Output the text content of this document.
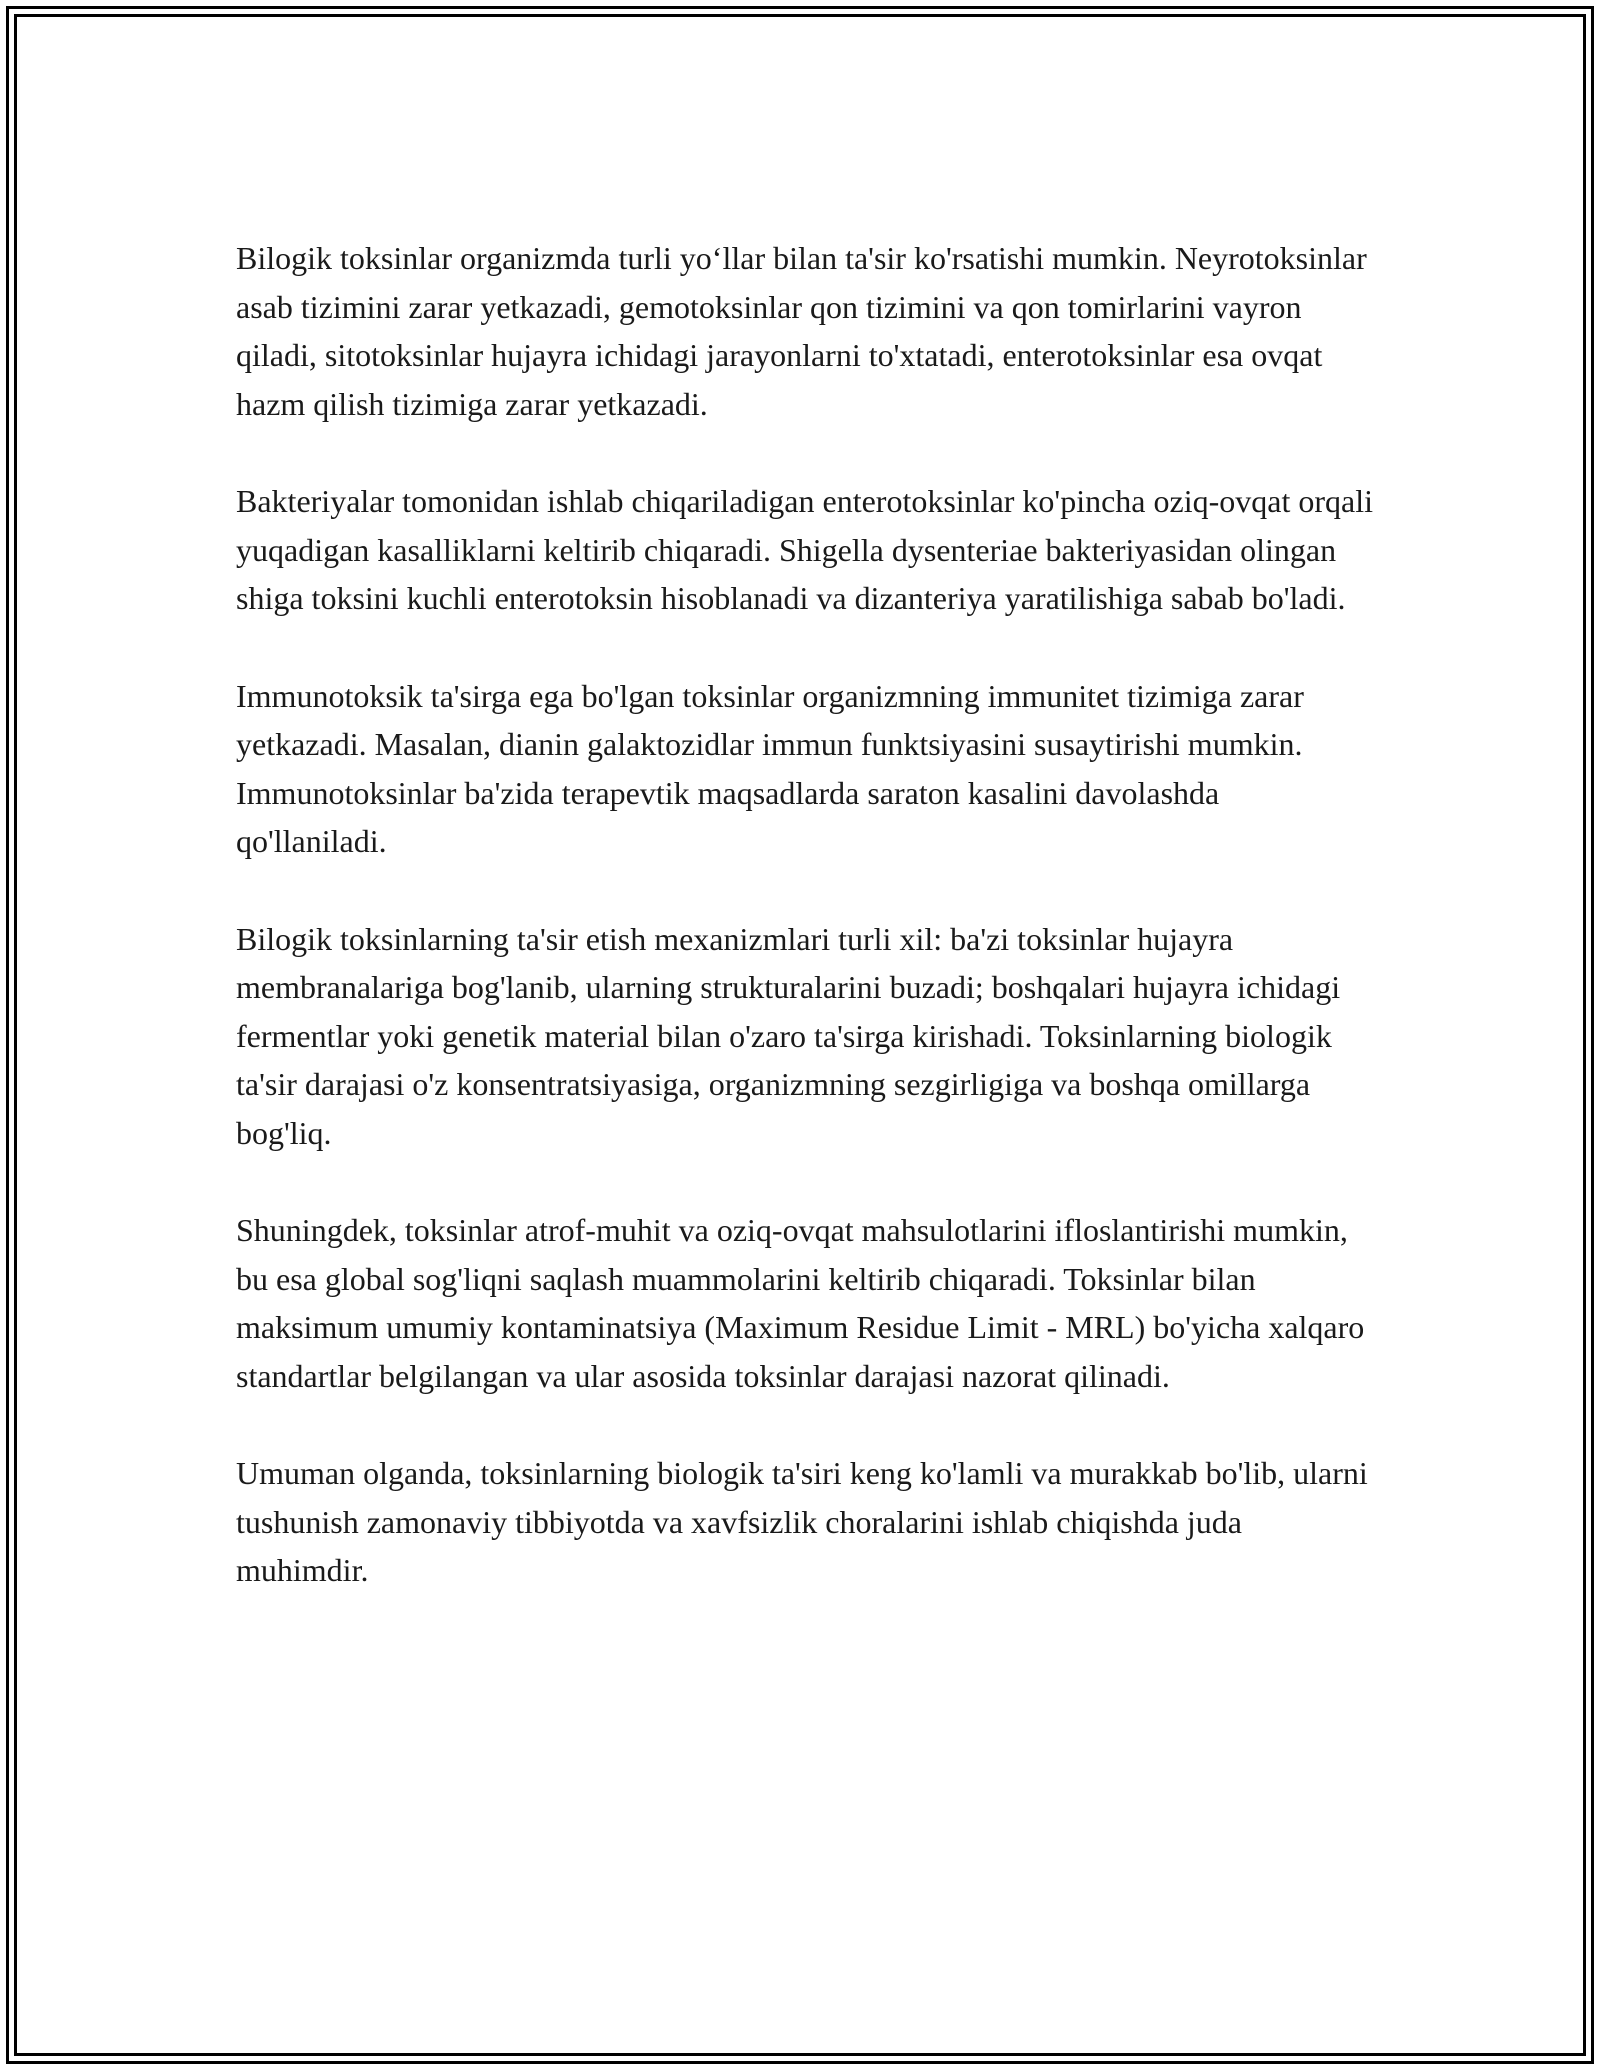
Bilogik toksinlar organizmda turli yo‘llar bilan ta'sir ko'rsatishi mumkin. Neyrotoksinlar asab tizimini zarar yetkazadi, gemotoksinlar qon tizimini va qon tomirlarini vayron qiladi, sitotoksinlar hujayra ichidagi jarayonlarni to'xtatadi, enterotoksinlar esa ovqat hazm qilish tizimiga zarar yetkazadi.

Bakteriyalar tomonidan ishlab chiqariladigan enterotoksinlar ko'pincha oziq-ovqat orqali yuqadigan kasalliklarni keltirib chiqaradi. Shigella dysenteriae bakteriyasidan olingan shiga toksini kuchli enterotoksin hisoblanadi va dizanteriya yaratilishiga sabab bo'ladi.

Immunotoksik ta'sirga ega bo'lgan toksinlar organizmning immunitet tizimiga zarar yetkazadi. Masalan, dianin galaktozidlar immun funktsiyasini susaytirishi mumkin. Immunotoksinlar ba'zida terapevtik maqsadlarda saraton kasalini davolashda qo'llaniladi.

Bilogik toksinlarning ta'sir etish mexanizmlari turli xil: ba'zi toksinlar hujayra membranalariga bog'lanib, ularning strukturalarini buzadi; boshqalari hujayra ichidagi fermentlar yoki genetik material bilan o'zaro ta'sirga kirishadi. Toksinlarning biologik ta'sir darajasi o'z konsentratsiyasiga, organizmning sezgirligiga va boshqa omillarga bog'liq.

Shuningdek, toksinlar atrof-muhit va oziq-ovqat mahsulotlarini ifloslantirishi mumkin, bu esa global sog'liqni saqlash muammolarini keltirib chiqaradi. Toksinlar bilan maksimum umumiy kontaminatsiya (Maximum Residue Limit - MRL) bo'yicha xalqaro standartlar belgilangan va ular asosida toksinlar darajasi nazorat qilinadi.

Umuman olganda, toksinlarning biologik ta'siri keng ko'lamli va murakkab bo'lib, ularni tushunish zamonaviy tibbiyotda va xavfsizlik choralarini ishlab chiqishda juda muhimdir.
